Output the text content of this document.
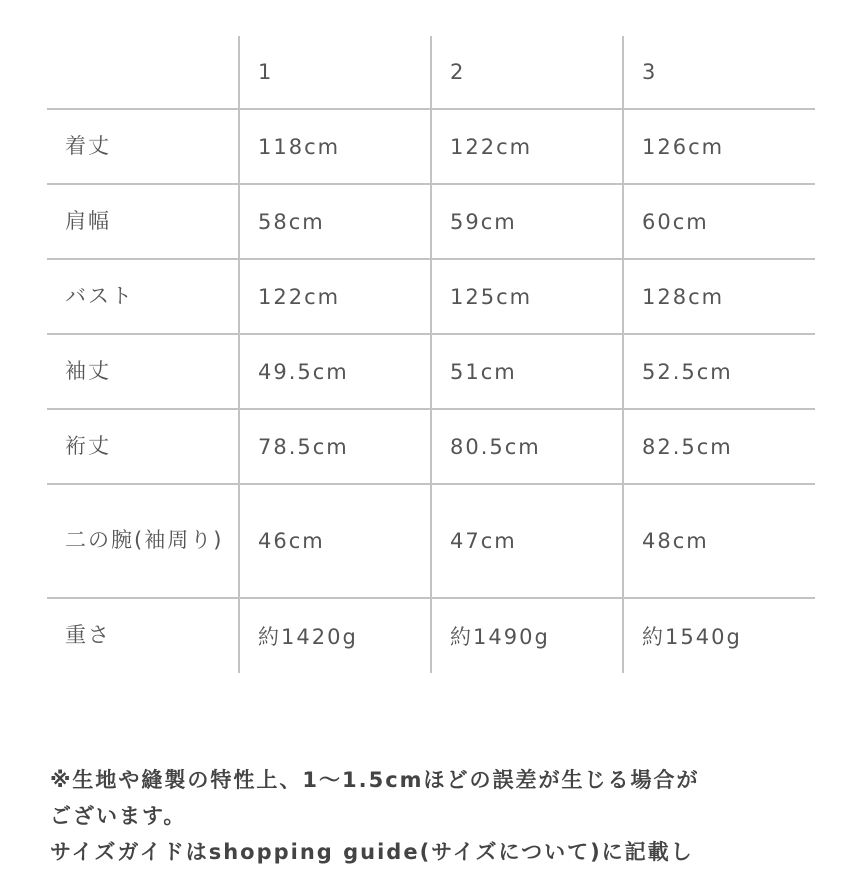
	1	2	3
着丈	118cm	122cm	126cm
肩幅	58cm	59cm	60cm
バスト	122cm	125cm	128cm
袖丈	49.5cm	51cm	52.5cm
裄丈	78.5cm	80.5cm	82.5cm
二の腕(袖周り)	46cm	47cm	48cm
重さ	約1420g	約1490g	約1540g
※生地や縫製の特性上、1〜1.5cmほどの誤差が生じる場合が
ございます。
サイズガイドはshopping guide(サイズについて)に記載し
